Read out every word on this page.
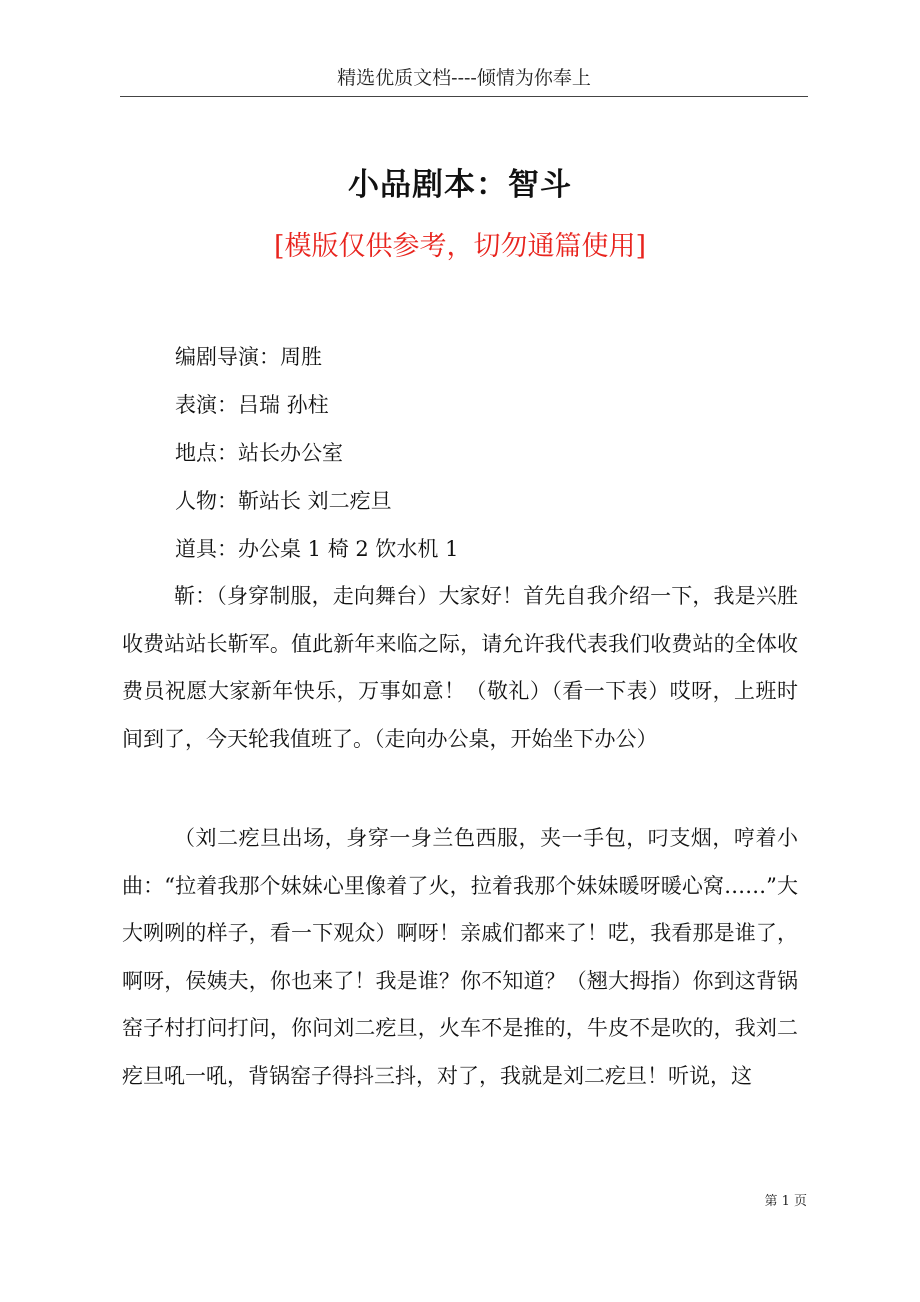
精选优质文档----倾情为你奉上
小品剧本：智斗
[模版仅供参考，切勿通篇使用]
编剧导演：周胜
表演：吕瑞 孙柱
地点：站长办公室
人物：靳站长 刘二疙旦
道具：办公桌 1 椅 2 饮水机 1

靳：（身穿制服，走向舞台）大家好！首先自我介绍一下，我是兴胜收费站站长靳军。值此新年来临之际，请允许我代表我们收费站的全体收费员祝愿大家新年快乐，万事如意！（敬礼）（看一下表）哎呀，上班时间到了，今天轮我值班了。（走向办公桌，开始坐下办公）

（刘二疙旦出场，身穿一身兰色西服，夹一手包，叼支烟，哼着小曲：“拉着我那个妹妹心里像着了火，拉着我那个妹妹暖呀暖心窝……”大大咧咧的样子，看一下观众）啊呀！亲戚们都来了！呓，我看那是谁了，啊呀，侯姨夫，你也来了！我是谁？你不知道？（翘大拇指）你到这背锅窑子村打问打问，你问刘二疙旦，火车不是推的，牛皮不是吹的，我刘二疙旦吼一吼，背锅窑子得抖三抖，对了，我就是刘二疙旦！听说，这

第 1 页
